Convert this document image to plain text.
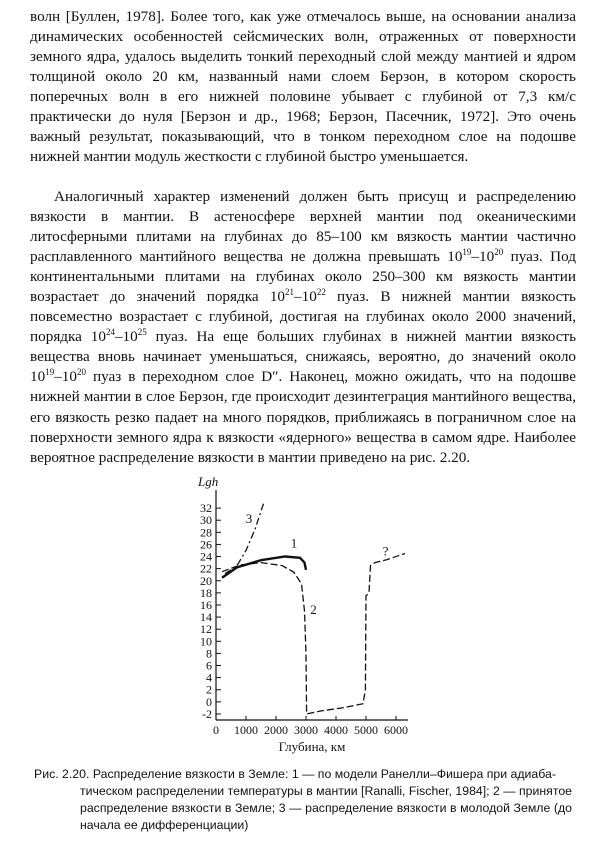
волн [Буллен, 1978]. Более того, как уже отмечалось выше, на основании анализа динамических особенностей сейсмических волн, отраженных от поверхности земного ядра, удалось выделить тонкий переходный слой между мантией и ядром толщиной около 20 км, названный нами слоем Берзон, в котором скорость поперечных волн в его нижней половине убывает с глубиной от 7,3 км/с практически до нуля [Берзон и др., 1968; Берзон, Пасечник, 1972]. Это очень важный результат, показывающий, что в тонком переходном слое на подошве нижней мантии модуль жесткости с глубиной быстро уменьшается.

Аналогичный характер изменений должен быть присущ и распределению вязкости в мантии. В астеносфере верхней мантии под океаническими литосферными плитами на глубинах до 85–100 км вязкость мантии частично расплавленного мантийного вещества не должна превышать $10^{19}-10^{20}$ пуаз. Под континентальными плитами на глубинах около 250–300 км вязкость мантии возрастает до значений порядка $10^{21}-10^{22}$ пуаз. В нижней мантии вязкость повсеместно возрастает с глубиной, достигая на глубинах около 2000 значений, порядка $10^{24}-10^{25}$ пуаз. На еще больших глубинах в нижней мантии вязкость вещества вновь начинает уменьшаться, снижаясь, вероятно, до значений около $10^{19}-10^{20}$ пуаз в переходном слое D″. Наконец, можно ожидать, что на подошве нижней мантии в слое Берзон, где происходит дезинтеграция мантийного вещества, его вязкость резко падает на много порядков, приближаясь в пограничном слое на поверхности земного ядра к вязкости «ядерного» вещества в самом ядре. Наиболее вероятное распределение вязкости в мантии приведено на рис. 2.20.

-2
0
2
4
6
8
10
12
14
16
18
20
22
24
26
28
30
32
0 1000 2000 3000 4000 5000 6000
Lgh
Глубина, км
1
2
3
?

Рис. 2.20. Распределение вязкости в Земле: 1 — по модели Ранелли–Фишера при адиаба-
тическом распределении температуры в мантии [Ranalli, Fischer, 1984]; 2 — принятое распределение вязкости в Земле; 3 — распределение вязкости в молодой Земле (до начала ее дифференциации)
